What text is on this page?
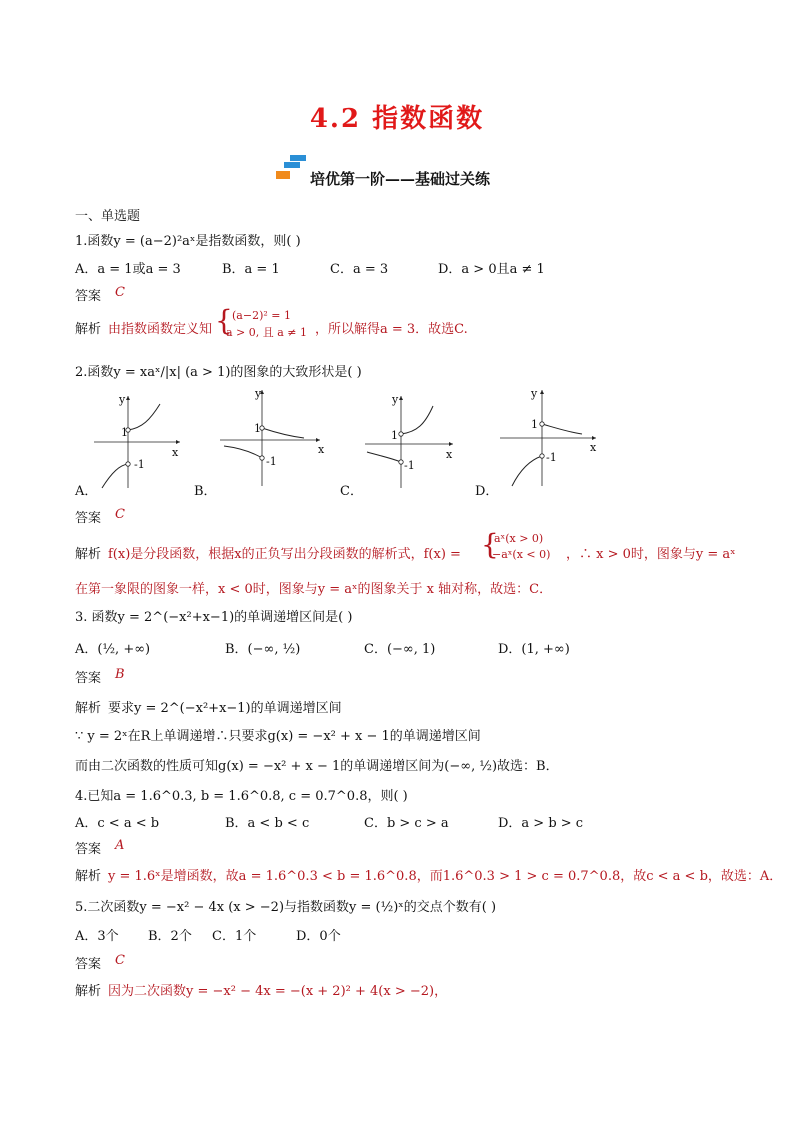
4.2 指数函数
培优第一阶——基础过关练
一、单选题
1.函数y = (a−2)²aˣ是指数函数，则( )
A．a = 1或a = 3	B．a = 1	C．a = 3	D．a > 0且a ≠ 1
答案 C
解析 由指数函数定义知 { (a−2)² = 1
a > 0, 且 a ≠ 1 ，所以解得a = 3．故选C.
2.函数y = xaˣ/|x| (a > 1)的图象的大致形状是( )
y
1
-1
x
A．
y
1
-1
x
B．
y
1
-1
x
C．
y
1
-1
x
D．
答案 C
解析 f(x)是分段函数，根据x的正负写出分段函数的解析式，f(x) = {
aˣ(x > 0)
−aˣ(x < 0) ，∴ x > 0时，图象与y = aˣ
在第一象限的图象一样，x < 0时，图象与y = aˣ的图象关于 x 轴对称，故选：C．
3. 函数y = 2^(−x²+x−1)的单调递增区间是( )
A．(½, +∞)	B．(−∞, ½)	C．(−∞, 1)	D．(1, +∞)
答案 B
解析 要求y = 2^(−x²+x−1)的单调递增区间
∵ y = 2ˣ在R上单调递增∴只要求g(x) = −x² + x − 1的单调递增区间
而由二次函数的性质可知g(x) = −x² + x − 1的单调递增区间为(−∞, ½)故选：B．
4.已知a = 1.6^0.3, b = 1.6^0.8, c = 0.7^0.8，则( )
A．c < a < b	B．a < b < c	C．b > c > a	D．a > b > c
答案 A
解析 y = 1.6ˣ是增函数，故a = 1.6^0.3 < b = 1.6^0.8，而1.6^0.3 > 1 > c = 0.7^0.8，故c < a < b，故选：A．
5.二次函数y = −x² − 4x (x > −2)与指数函数y = (½)ˣ的交点个数有( )
A．3个 B．2个 C．1个	D．0个
答案 C
解析 因为二次函数y = −x² − 4x = −(x + 2)² + 4(x > −2)，
